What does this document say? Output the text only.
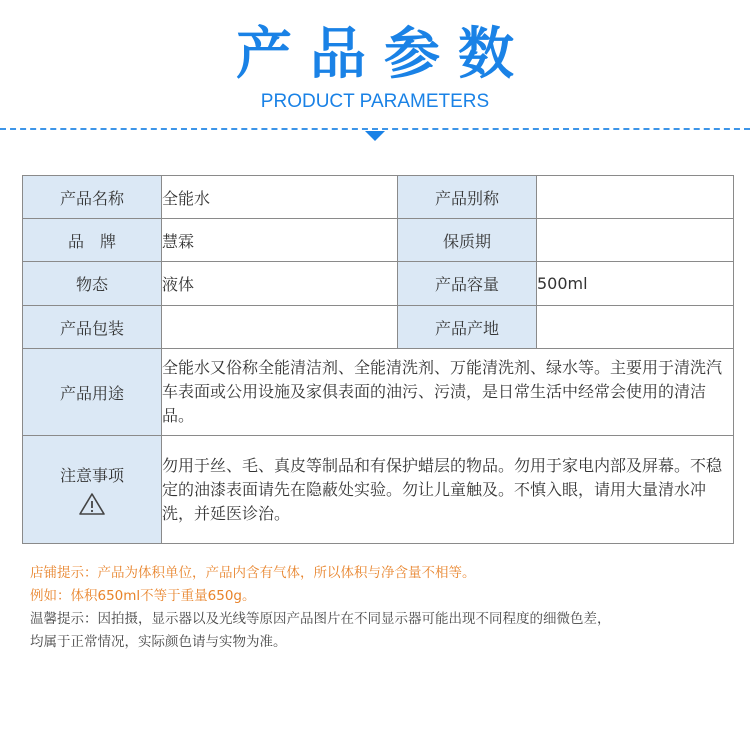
产品参数
PRODUCT PARAMETERS
产品名称	全能水	产品别称	
品　牌	慧霖	保质期	
物态	液体	产品容量	500ml
产品包装		产品产地	
产品用途	全能水又俗称全能清洁剂、全能清洗剂、万能清洗剂、绿水等。主要用于清洗汽车表面或公用设施及家俱表面的油污、污渍，是日常生活中经常会使用的清洁品。		

注意事项	勿用于丝、毛、真皮等制品和有保护蜡层的物品。勿用于家电内部及屏幕。不稳定的油漆表面请先在隐蔽处实验。勿让儿童触及。不慎入眼，请用大量清水冲洗，并延医诊治。		
店铺提示：产品为体积单位，产品内含有气体，所以体积与净含量不相等。
例如：体积650ml不等于重量650g。
温馨提示：因拍摄，显示器以及光线等原因产品图片在不同显示器可能出现不同程度的细微色差，
均属于正常情况，实际颜色请与实物为准。
